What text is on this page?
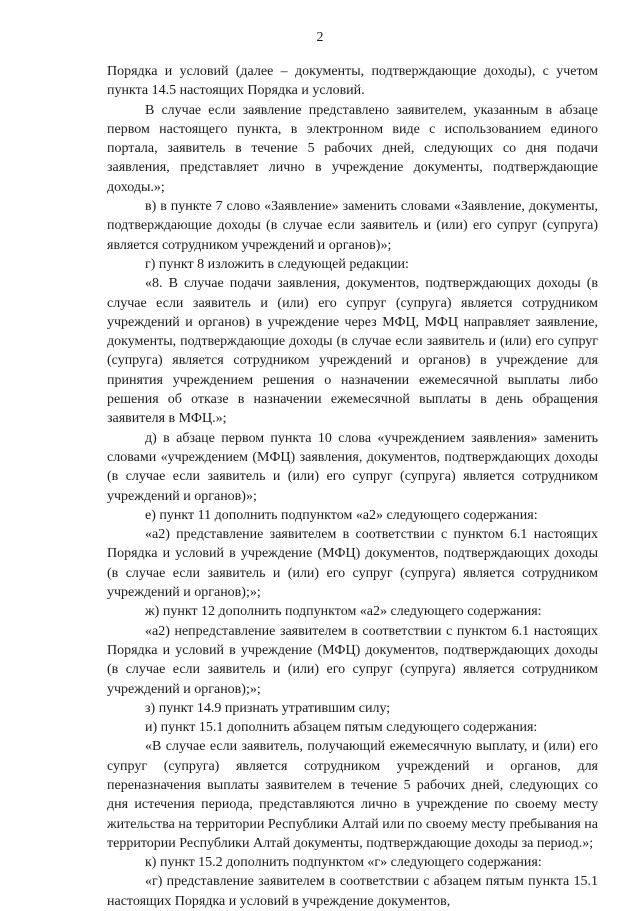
2

Порядка и условий (далее – документы, подтверждающие доходы), с учетом пункта 14.5 настоящих Порядка и условий.

В случае если заявление представлено заявителем, указанным в абзаце первом настоящего пункта, в электронном виде с использованием единого портала, заявитель в течение 5 рабочих дней, следующих со дня подачи заявления, представляет лично в учреждение документы, подтверждающие доходы.»;

в) в пункте 7 слово «Заявление» заменить словами «Заявление, документы, подтверждающие доходы (в случае если заявитель и (или) его супруг (супруга) является сотрудником учреждений и органов)»;

г) пункт 8 изложить в следующей редакции:

«8. В случае подачи заявления, документов, подтверждающих доходы (в случае если заявитель и (или) его супруг (супруга) является сотрудником учреждений и органов) в учреждение через МФЦ, МФЦ направляет заявление, документы, подтверждающие доходы (в случае если заявитель и (или) его супруг (супруга) является сотрудником учреждений и органов) в учреждение для принятия учреждением решения о назначении ежемесячной выплаты либо решения об отказе в назначении ежемесячной выплаты в день обращения заявителя в МФЦ.»;

д) в абзаце первом пункта 10 слова «учреждением заявления» заменить словами «учреждением (МФЦ) заявления, документов, подтверждающих доходы (в случае если заявитель и (или) его супруг (супруга) является сотрудником учреждений и органов)»;

е) пункт 11 дополнить подпунктом «а2» следующего содержания:

«а2) представление заявителем в соответствии с пунктом 6.1 настоящих Порядка и условий в учреждение (МФЦ) документов, подтверждающих доходы (в случае если заявитель и (или) его супруг (супруга) является сотрудником учреждений и органов);»;

ж) пункт 12 дополнить подпунктом «а2» следующего содержания:

«а2) непредставление заявителем в соответствии с пунктом 6.1 настоящих Порядка и условий в учреждение (МФЦ) документов, подтверждающих доходы (в случае если заявитель и (или) его супруг (супруга) является сотрудником учреждений и органов);»;

з) пункт 14.9 признать утратившим силу;

и) пункт 15.1 дополнить абзацем пятым следующего содержания:

«В случае если заявитель, получающий ежемесячную выплату, и (или) его супруг (супруга) является сотрудником учреждений и органов, для переназначения выплаты заявителем в течение 5 рабочих дней, следующих со дня истечения периода, представляются лично в учреждение по своему месту жительства на территории Республики Алтай или по своему месту пребывания на территории Республики Алтай документы, подтверждающие доходы за период.»;

к) пункт 15.2 дополнить подпунктом «г» следующего содержания:

«г) представление заявителем в соответствии с абзацем пятым пункта 15.1 настоящих Порядка и условий в учреждение документов,
